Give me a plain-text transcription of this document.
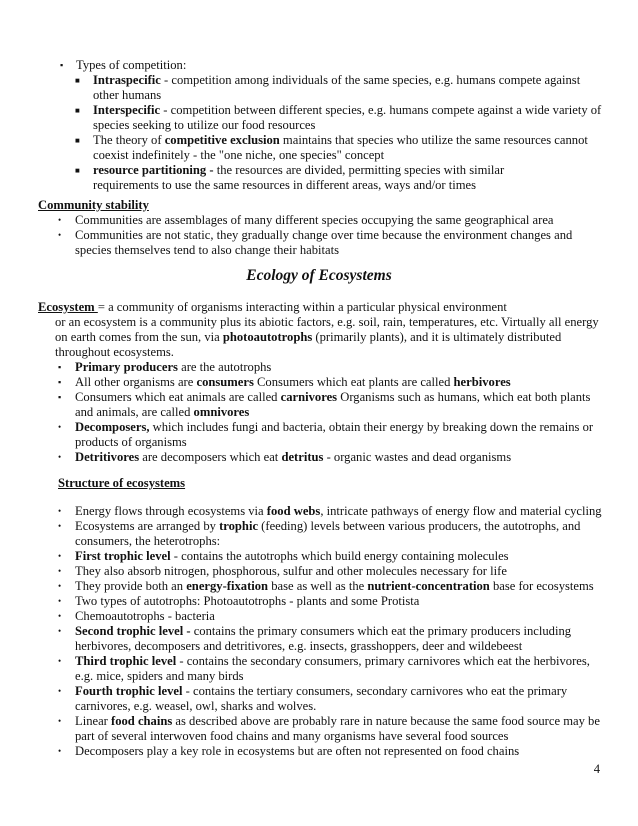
▪	Types of competition:
■	Intraspecific - competition among individuals of the same species, e.g. humans compete against
other humans
■	Interspecific - competition between different species, e.g. humans compete against a wide variety of
species seeking to utilize our food resources
■	The theory of competitive exclusion maintains that species who utilize the same resources cannot
coexist indefinitely - the "one niche, one species" concept
■	resource partitioning - the resources are divided, permitting species with similar
requirements to use the same resources in different areas, ways and/or times
Community stability
•	Communities are assemblages of many different species occupying the same geographical area
•	Communities are not static, they gradually change over time because the environment changes and
species themselves tend to also change their habitats
Ecology of Ecosystems
Ecosystem = a community of organisms interacting within a particular physical environment
or an ecosystem is a community plus its abiotic factors, e.g. soil, rain, temperatures, etc. Virtually all energy
on earth comes from the sun, via photoautotrophs (primarily plants), and it is ultimately distributed
throughout ecosystems.
▪	Primary producers are the autotrophs
▪	All other organisms are consumers Consumers which eat plants are called herbivores
▪	Consumers which eat animals are called carnivores Organisms such as humans, which eat both plants
and animals, are called omnivores
•	Decomposers, which includes fungi and bacteria, obtain their energy by breaking down the remains or
products of organisms
•	Detritivores are decomposers which eat detritus - organic wastes and dead organisms
Structure of ecosystems
•	Energy flows through ecosystems via food webs, intricate pathways of energy flow and material cycling
•	Ecosystems are arranged by trophic (feeding) levels between various producers, the autotrophs, and
consumers, the heterotrophs:
•	First trophic level - contains the autotrophs which build energy containing molecules
•	They also absorb nitrogen, phosphorous, sulfur and other molecules necessary for life
•	They provide both an energy-fixation base as well as the nutrient-concentration base for ecosystems
•	Two types of autotrophs: Photoautotrophs - plants and some Protista
•	Chemoautotrophs - bacteria
•	Second trophic level - contains the primary consumers which eat the primary producers including
herbivores, decomposers and detritivores, e.g. insects, grasshoppers, deer and wildebeest
•	Third trophic level - contains the secondary consumers, primary carnivores which eat the herbivores,
e.g. mice, spiders and many birds
•	Fourth trophic level - contains the tertiary consumers, secondary carnivores who eat the primary
carnivores, e.g. weasel, owl, sharks and wolves.
•	Linear food chains as described above are probably rare in nature because the same food source may be
part of several interwoven food chains and many organisms have several food sources
•	Decomposers play a key role in ecosystems but are often not represented on food chains
4
